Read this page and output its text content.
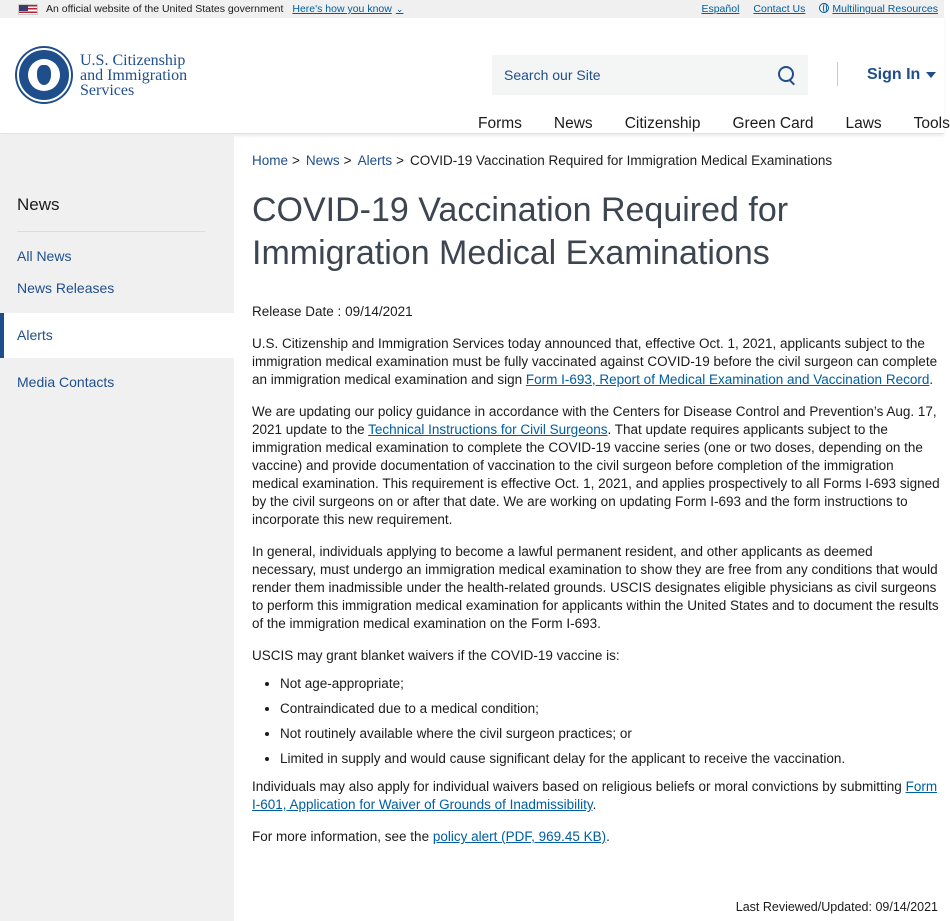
An official website of the United States government Here's how you know ⌄	Español Contact Us	Multilingual Resources
U.S. Citizenship
and Immigration
Services
Search our Site
Sign In
Forms News Citizenship Green Card Laws Tools
News
All News
News Releases
Alerts
Media Contacts
Home > News > Alerts > COVID-19 Vaccination Required for Immigration Medical Examinations
COVID-19 Vaccination Required for Immigration Medical Examinations

Release Date : 09/14/2021

U.S. Citizenship and Immigration Services today announced that, effective Oct. 1, 2021, applicants subject to the immigration medical examination must be fully vaccinated against COVID-19 before the civil surgeon can complete an immigration medical examination and sign Form I-693, Report of Medical Examination and Vaccination Record.

We are updating our policy guidance in accordance with the Centers for Disease Control and Prevention’s Aug. 17, 2021 update to the Technical Instructions for Civil Surgeons. That update requires applicants subject to the immigration medical examination to complete the COVID-19 vaccine series (one or two doses, depending on the vaccine) and provide documentation of vaccination to the civil surgeon before completion of the immigration medical examination. This requirement is effective Oct. 1, 2021, and applies prospectively to all Forms I-693 signed by the civil surgeons on or after that date. We are working on updating Form I-693 and the form instructions to incorporate this new requirement.

In general, individuals applying to become a lawful permanent resident, and other applicants as deemed necessary, must undergo an immigration medical examination to show they are free from any conditions that would render them inadmissible under the health-related grounds. USCIS designates eligible physicians as civil surgeons to perform this immigration medical examination for applicants within the United States and to document the results of the immigration medical examination on the Form I-693.

USCIS may grant blanket waivers if the COVID-19 vaccine is:

• Not age-appropriate;
• Contraindicated due to a medical condition;
• Not routinely available where the civil surgeon practices; or
• Limited in supply and would cause significant delay for the applicant to receive the vaccination.

Individuals may also apply for individual waivers based on religious beliefs or moral convictions by submitting Form I-601, Application for Waiver of Grounds of Inadmissibility.

For more information, see the policy alert (PDF, 969.45 KB).

Last Reviewed/Updated: 09/14/2021
